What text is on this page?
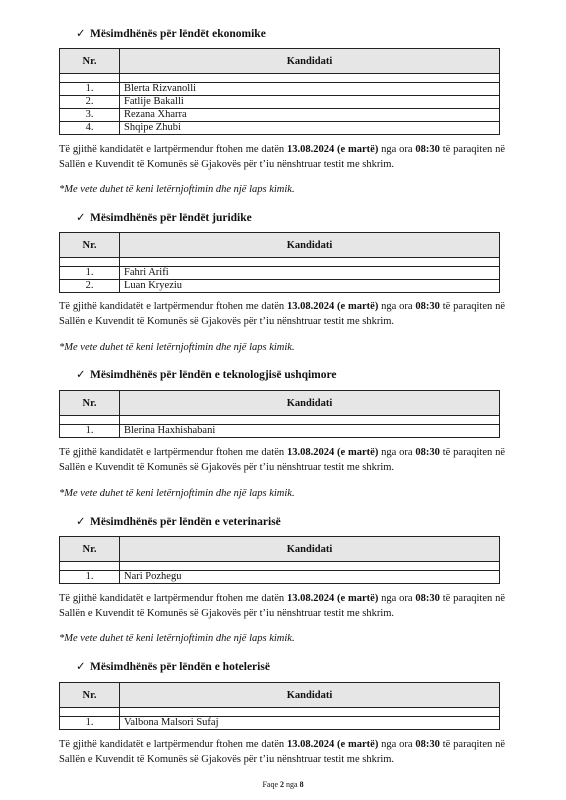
✓ Mësimdhënës për lëndët ekonomike
Nr.	Kandidati

1.	Blerta Rizvanolli
2.	Fatlije Bakalli
3.	Rezana Xharra
4.	Shqipe Zhubi
Të gjithë kandidatët e lartpërmendur ftohen me datën 13.08.2024 (e martë) nga ora 08:30 të paraqiten në Sallën e Kuvendit të Komunës së Gjakovës për t’iu nënshtruar testit me shkrim.
*Me vete duhet të keni letërnjoftimin dhe një laps kimik.
✓ Mësimdhënës për lëndët juridike
Nr.	Kandidati

1.	Fahri Arifi
2.	Luan Kryeziu
Të gjithë kandidatët e lartpërmendur ftohen me datën 13.08.2024 (e martë) nga ora 08:30 të paraqiten në Sallën e Kuvendit të Komunës së Gjakovës për t’iu nënshtruar testit me shkrim.
*Me vete duhet të keni letërnjoftimin dhe një laps kimik.
✓ Mësimdhënës për lëndën e teknologjisë ushqimore
Nr.	Kandidati

1.	Blerina Haxhishabani
Të gjithë kandidatët e lartpërmendur ftohen me datën 13.08.2024 (e martë) nga ora 08:30 të paraqiten në Sallën e Kuvendit të Komunës së Gjakovës për t’iu nënshtruar testit me shkrim.
*Me vete duhet të keni letërnjoftimin dhe një laps kimik.
✓ Mësimdhënës për lëndën e veterinarisë
Nr.	Kandidati

1.	Nari Pozhegu
Të gjithë kandidatët e lartpërmendur ftohen me datën 13.08.2024 (e martë) nga ora 08:30 të paraqiten në Sallën e Kuvendit të Komunës së Gjakovës për t’iu nënshtruar testit me shkrim.
*Me vete duhet të keni letërnjoftimin dhe një laps kimik.
✓ Mësimdhënës për lëndën e hotelerisë
Nr.	Kandidati

1.	Valbona Malsori Sufaj
Të gjithë kandidatët e lartpërmendur ftohen me datën 13.08.2024 (e martë) nga ora 08:30 të paraqiten në Sallën e Kuvendit të Komunës së Gjakovës për t’iu nënshtruar testit me shkrim.
Faqe 2 nga 8
